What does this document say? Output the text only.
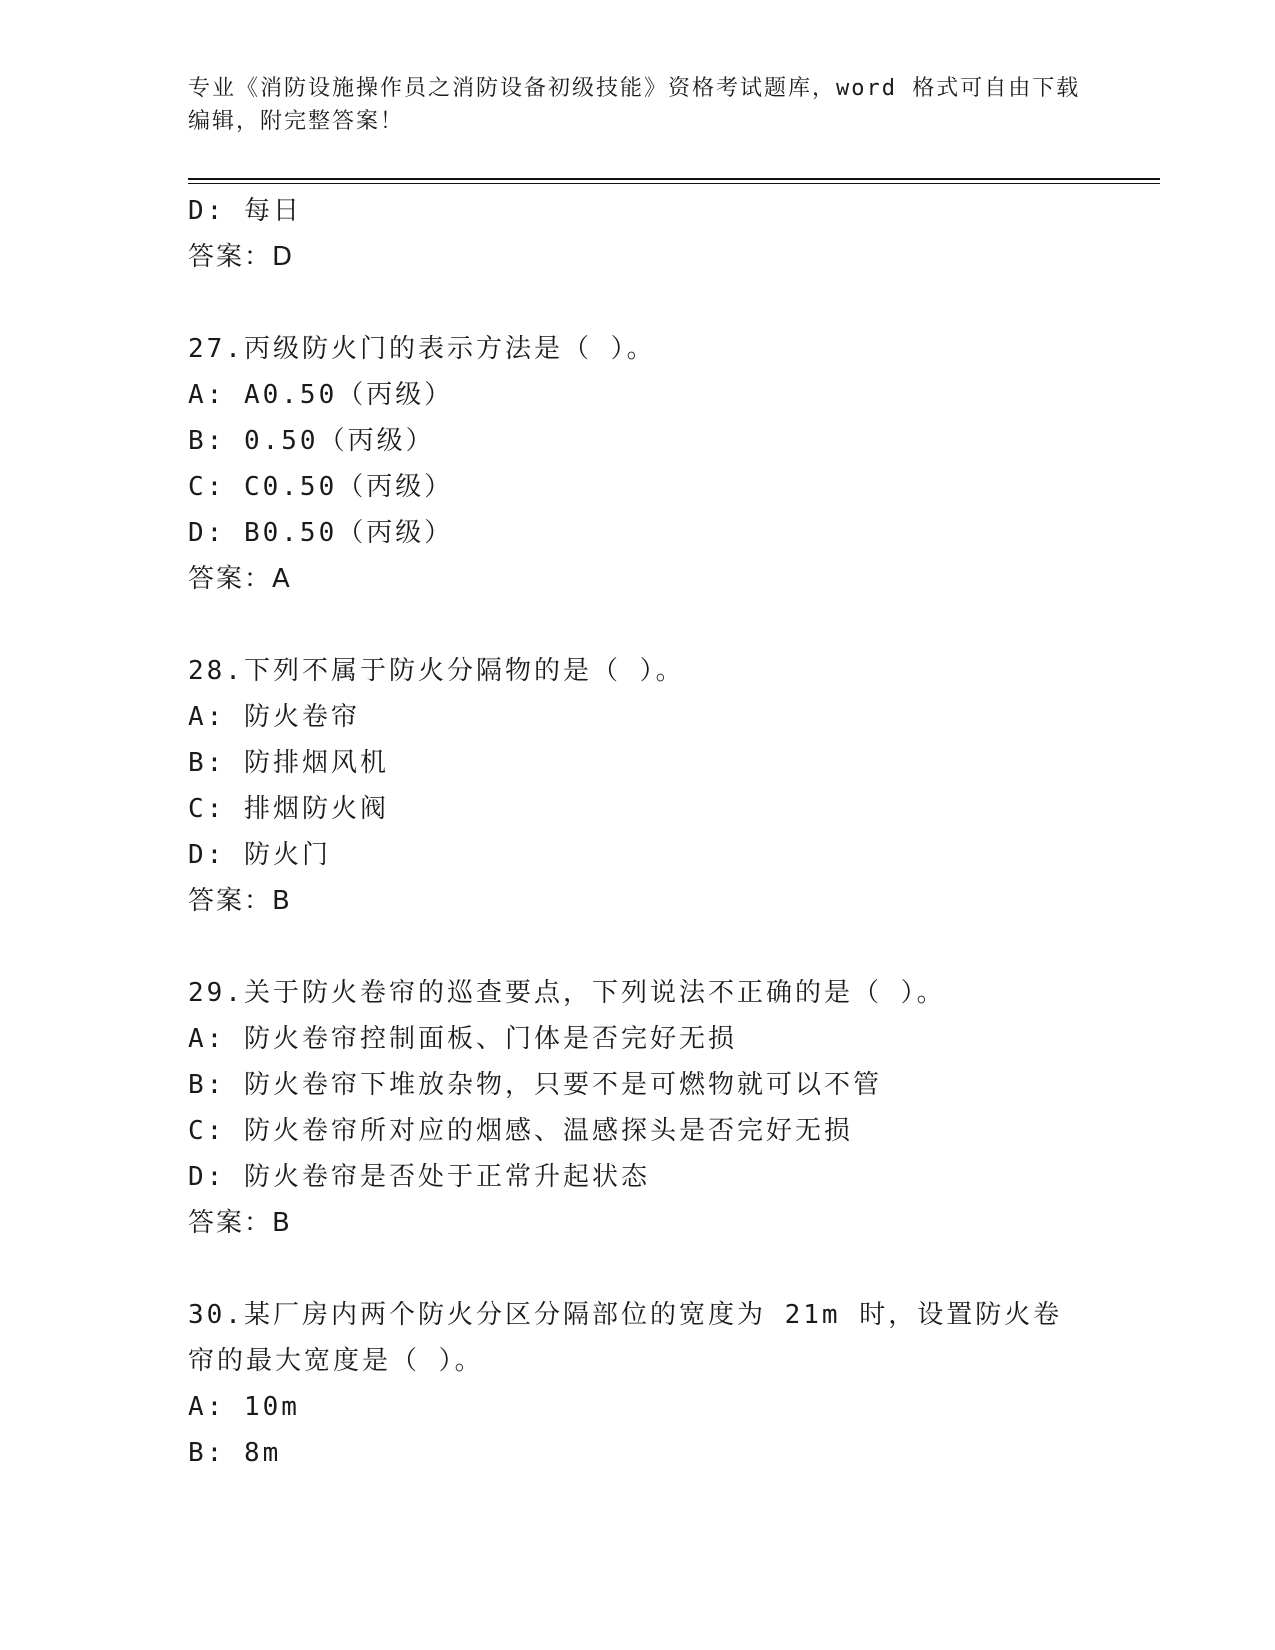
专业《消防设施操作员之消防设备初级技能》资格考试题库，word 格式可自由下载编辑，附完整答案！
D: 每日
答案：D
27.丙级防火门的表示方法是（ ）。
A: A0.50（丙级）
B: 0.50（丙级）
C: C0.50（丙级）
D: B0.50（丙级）
答案：A
28.下列不属于防火分隔物的是（ ）。
A: 防火卷帘
B: 防排烟风机
C: 排烟防火阀
D: 防火门
答案：B
29.关于防火卷帘的巡查要点，下列说法不正确的是（ ）。
A: 防火卷帘控制面板、门体是否完好无损
B: 防火卷帘下堆放杂物，只要不是可燃物就可以不管
C: 防火卷帘所对应的烟感、温感探头是否完好无损
D: 防火卷帘是否处于正常升起状态
答案：B
30.某厂房内两个防火分区分隔部位的宽度为 21m 时，设置防火卷帘的最大宽度是（ ）。
A: 10m
B: 8m
